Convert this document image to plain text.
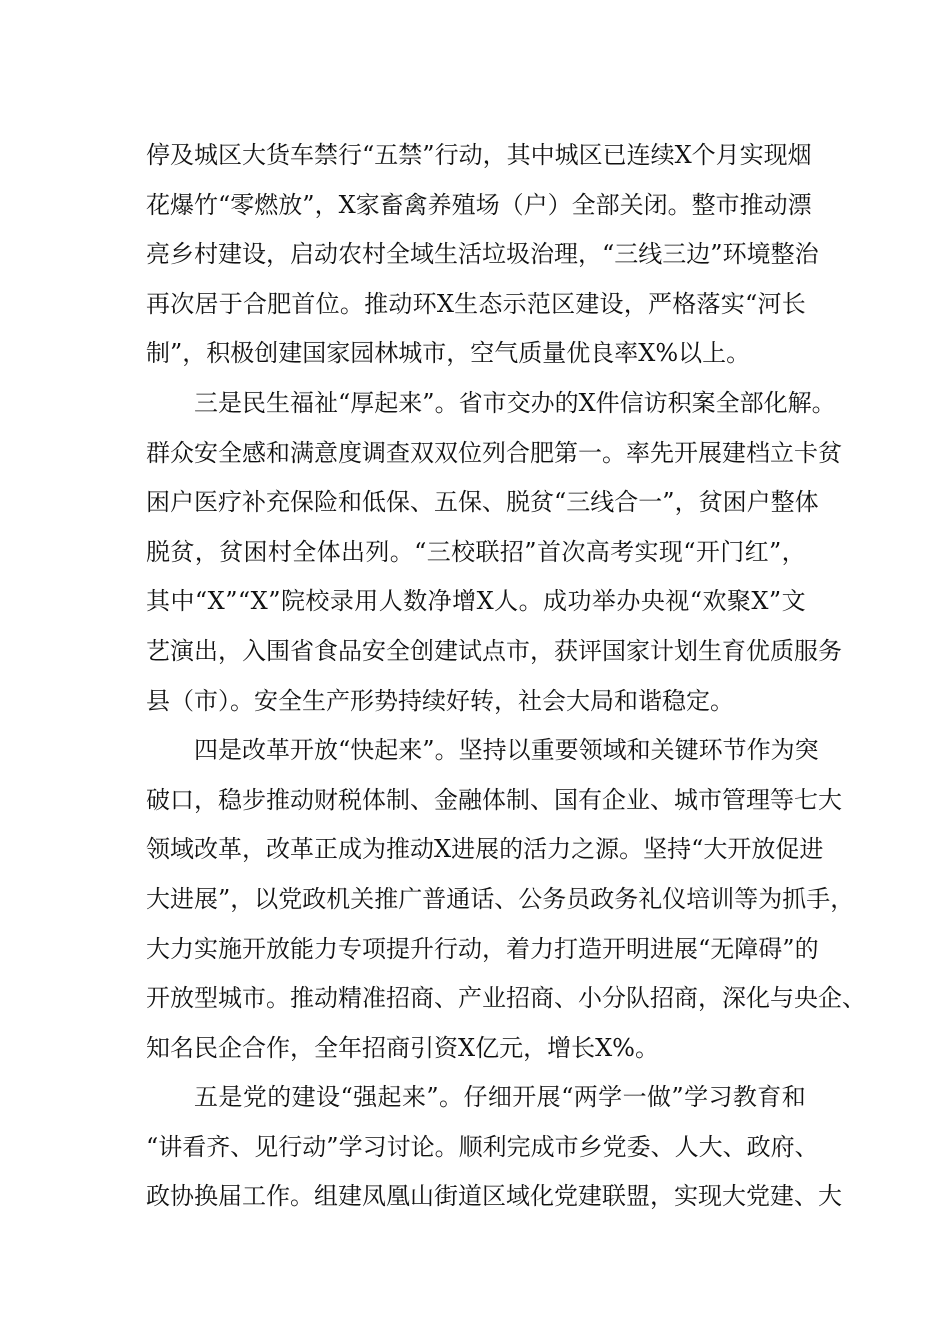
停 及 城 区 大 货 车 禁 行 “ 五 禁 ” 行 动 ， 其 中 城 区 已 连 续 X 个 月 实 现 烟
花 爆 竹 “ 零 燃 放 ” ， X 家 畜 禽 养 殖 场 （ 户 ） 全 部 关 闭 。 整 市 推 动 漂
亮 乡 村 建 设 ， 启 动 农 村 全 域 生 活 垃 圾 治 理 ， “ 三 线 三 边 ” 环 境 整 治
再 次 居 于 合 肥 首 位 。 推 动 环 X 生 态 示 范 区 建 设 ， 严 格 落 实 “ 河 长
制”，积极创建国家园林城市，空气质量优良率X%以上。
三 是 民 生 福 祉 “ 厚 起 来 ” 。 省 市 交 办 的 X 件 信 访 积 案 全 部 化 解 。
群 众 安 全 感 和 满 意 度 调 查 双 双 位 列 合 肥 第 一 。 率 先 开 展 建 档 立 卡 贫
困 户 医 疗 补 充 保 险 和 低 保 、 五 保 、 脱 贫 “ 三 线 合 一 ” ， 贫 困 户 整 体
脱 贫 ， 贫 困 村 全 体 出 列 。 “ 三 校 联 招 ” 首 次 高 考 实 现 “ 开 门 红 ” ，
其 中 “ X ” “ X ” 院 校 录 用 人 数 净 增 X 人 。 成 功 举 办 央 视 “ 欢 聚 X ” 文
艺 演 出 ， 入 围 省 食 品 安 全 创 建 试 点 市 ， 获 评 国 家 计 划 生 育 优 质 服 务
县（市）。安全生产形势持续好转，社会大局和谐稳定。
四 是 改 革 开 放 “ 快 起 来 ” 。 坚 持 以 重 要 领 域 和 关 键 环 节 作 为 突
破 口 ， 稳 步 推 动 财 税 体 制 、 金 融 体 制 、 国 有 企 业 、 城 市 管 理 等 七 大
领 域 改 革 ， 改 革 正 成 为 推 动 X 进 展 的 活 力 之 源 。 坚 持 “ 大 开 放 促 进
大 进 展 ” ， 以 党 政 机 关 推 广 普 通 话 、 公 务 员 政 务 礼 仪 培 训 等 为 抓 手 ，
大 力 实 施 开 放 能 力 专 项 提 升 行 动 ， 着 力 打 造 开 明 进 展 “ 无 障 碍 ” 的
开 放 型 城 市 。 推 动 精 准 招 商 、 产 业 招 商 、 小 分 队 招 商 ， 深 化 与 央 企 、
知名民企合作，全年招商引资X亿元，增长X%。
五 是 党 的 建 设 “ 强 起 来 ” 。 仔 细 开 展 “ 两 学 一 做 ” 学 习 教 育 和
“ 讲 看 齐 、 见 行 动 ” 学 习 讨 论 。 顺 利 完 成 市 乡 党 委 、 人 大 、 政 府 、
政 协 换 届 工 作 。 组 建 凤 凰 山 街 道 区 域 化 党 建 联 盟 ， 实 现 大 党 建 、 大
